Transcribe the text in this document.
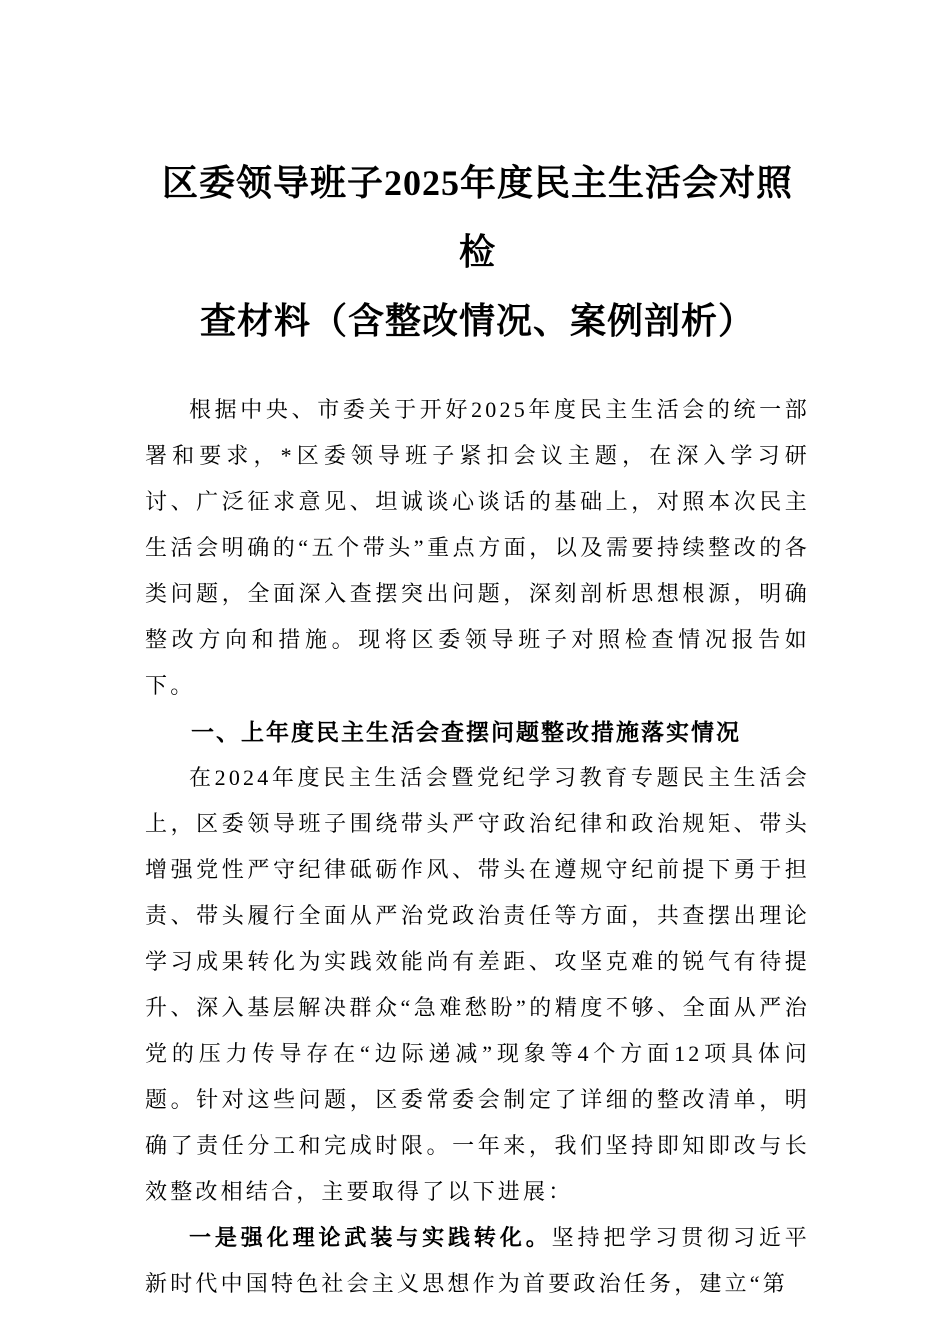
区委领导班子2025年度民主生活会对照检
查材料（含整改情况、案例剖析）

根据中央、市委关于开好2025年度民主生活会的统一部署和要求，*区委领导班子紧扣会议主题，在深入学习研讨、广泛征求意见、坦诚谈心谈话的基础上，对照本次民主生活会明确的“五个带头”重点方面，以及需要持续整改的各类问题，全面深入查摆突出问题，深刻剖析思想根源，明确整改方向和措施。现将区委领导班子对照检查情况报告如下。

一、上年度民主生活会查摆问题整改措施落实情况

在2024年度民主生活会暨党纪学习教育专题民主生活会上，区委领导班子围绕带头严守政治纪律和政治规矩、带头增强党性严守纪律砥砺作风、带头在遵规守纪前提下勇于担责、带头履行全面从严治党政治责任等方面，共查摆出理论学习成果转化为实践效能尚有差距、攻坚克难的锐气有待提升、深入基层解决群众“急难愁盼”的精度不够、全面从严治党的压力传导存在“边际递减”现象等4个方面12项具体问题。针对这些问题，区委常委会制定了详细的整改清单，明确了责任分工和完成时限。一年来，我们坚持即知即改与长效整改相结合，主要取得了以下进展：

一是强化理论武装与实践转化。坚持把学习贯彻习近平新时代中国特色社会主义思想作为首要政治任务，建立“第
